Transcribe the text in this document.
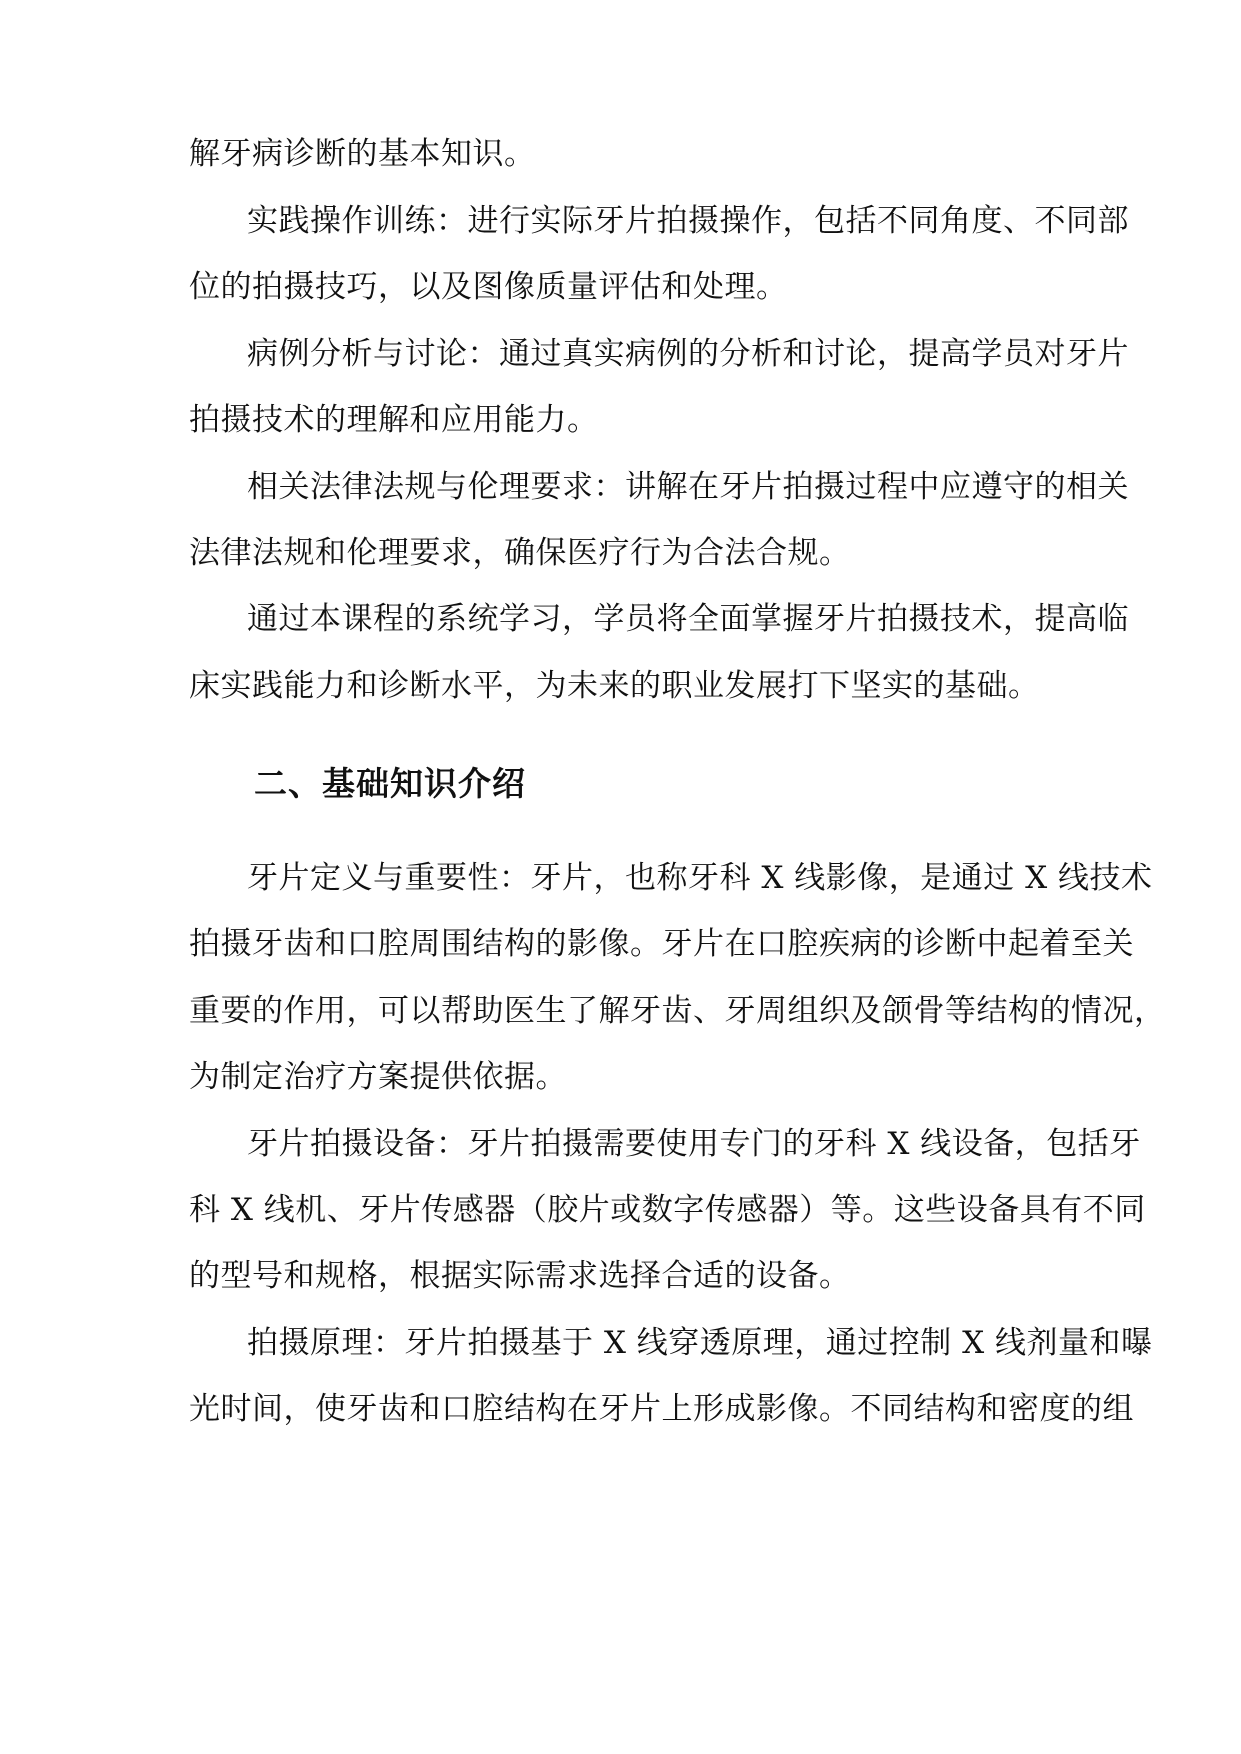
解牙病诊断的基本知识。
实践操作训练：进行实际牙片拍摄操作，包括不同角度、不同部
位的拍摄技巧，以及图像质量评估和处理。
病例分析与讨论：通过真实病例的分析和讨论，提高学员对牙片
拍摄技术的理解和应用能力。
相关法律法规与伦理要求：讲解在牙片拍摄过程中应遵守的相关
法律法规和伦理要求，确保医疗行为合法合规。
通过本课程的系统学习，学员将全面掌握牙片拍摄技术，提高临
床实践能力和诊断水平，为未来的职业发展打下坚实的基础。
二、基础知识介绍
牙片定义与重要性：牙片，也称牙科 X 线影像，是通过 X 线技术
拍摄牙齿和口腔周围结构的影像。牙片在口腔疾病的诊断中起着至关
重要的作用，可以帮助医生了解牙齿、牙周组织及颌骨等结构的情况，
为制定治疗方案提供依据。
牙片拍摄设备：牙片拍摄需要使用专门的牙科 X 线设备，包括牙
科 X 线机、牙片传感器（胶片或数字传感器）等。这些设备具有不同
的型号和规格，根据实际需求选择合适的设备。
拍摄原理：牙片拍摄基于 X 线穿透原理，通过控制 X 线剂量和曝
光时间，使牙齿和口腔结构在牙片上形成影像。不同结构和密度的组
